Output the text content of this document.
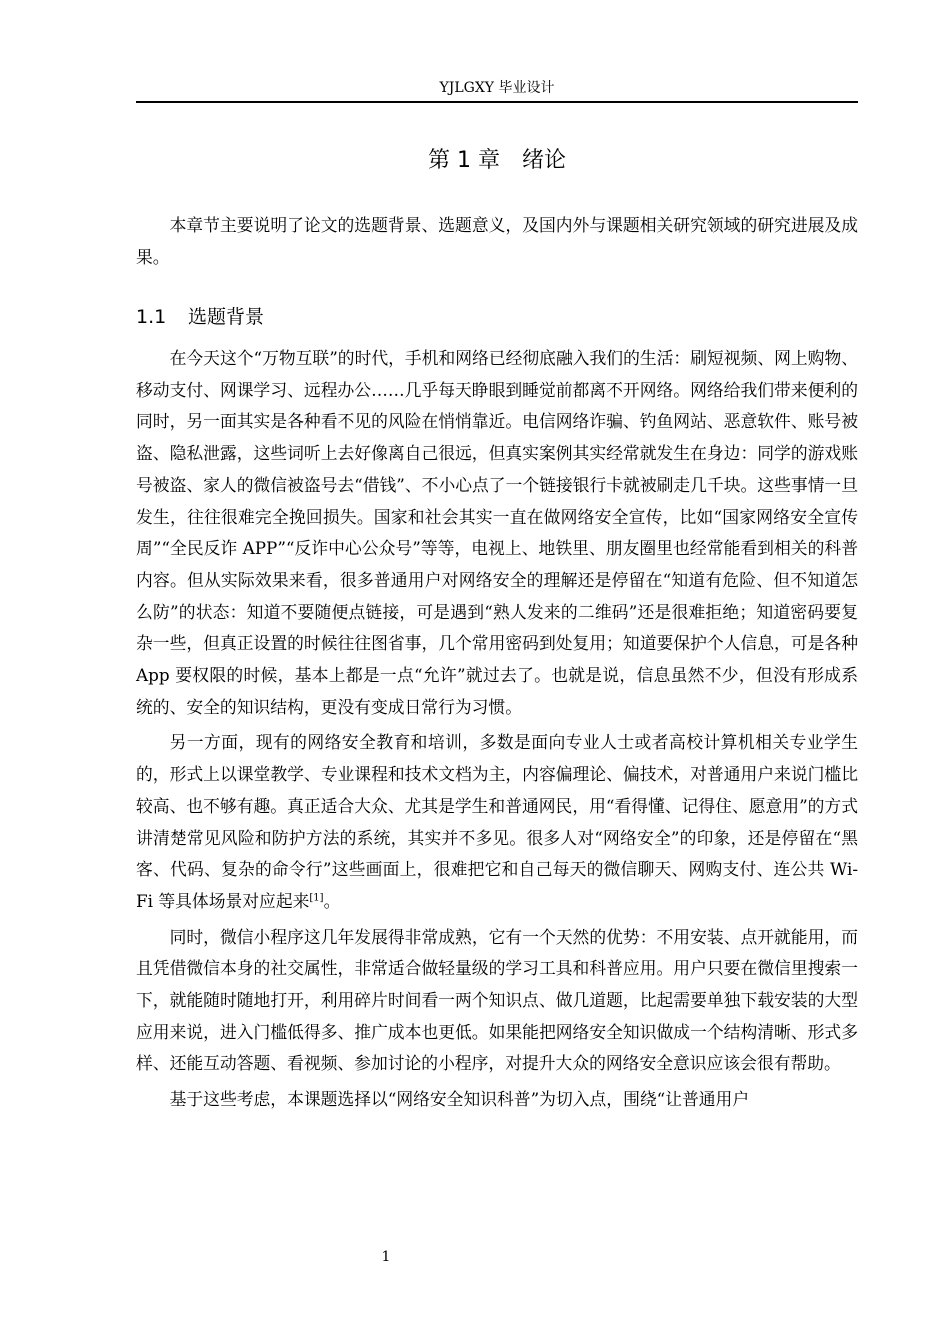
YJLGXY 毕业设计
第 1 章 绪论

本章节主要说明了论文的选题背景、选题意义，及国内外与课题相关研究领域的研究进展及成果。

1.1 选题背景

在今天这个“万物互联”的时代，手机和网络已经彻底融入我们的生活：刷短视频、网上购物、移动支付、网课学习、远程办公……几乎每天睁眼到睡觉前都离不开网络。网络给我们带来便利的同时，另一面其实是各种看不见的风险在悄悄靠近。电信网络诈骗、钓鱼网站、恶意软件、账号被盗、隐私泄露，这些词听上去好像离自己很远，但真实案例其实经常就发生在身边：同学的游戏账号被盗、家人的微信被盗号去“借钱”、不小心点了一个链接银行卡就被刷走几千块。这些事情一旦发生，往往很难完全挽回损失。国家和社会其实一直在做网络安全宣传，比如“国家网络安全宣传周”“全民反诈 APP”“反诈中心公众号”等等，电视上、地铁里、朋友圈里也经常能看到相关的科普内容。但从实际效果来看，很多普通用户对网络安全的理解还是停留在“知道有危险、但不知道怎么防”的状态：知道不要随便点链接，可是遇到“熟人发来的二维码”还是很难拒绝；知道密码要复杂一些，但真正设置的时候往往图省事，几个常用密码到处复用；知道要保护个人信息，可是各种 App 要权限的时候，基本上都是一点“允许”就过去了。也就是说，信息虽然不少，但没有形成系统的、安全的知识结构，更没有变成日常行为习惯。

另一方面，现有的网络安全教育和培训，多数是面向专业人士或者高校计算机相关专业学生的，形式上以课堂教学、专业课程和技术文档为主，内容偏理论、偏技术，对普通用户来说门槛比较高、也不够有趣。真正适合大众、尤其是学生和普通网民，用“看得懂、记得住、愿意用”的方式讲清楚常见风险和防护方法的系统，其实并不多见。很多人对“网络安全”的印象，还是停留在“黑客、代码、复杂的命令行”这些画面上，很难把它和自己每天的微信聊天、网购支付、连公共 Wi-Fi 等具体场景对应起来[1]。

同时，微信小程序这几年发展得非常成熟，它有一个天然的优势：不用安装、点开就能用，而且凭借微信本身的社交属性，非常适合做轻量级的学习工具和科普应用。用户只要在微信里搜索一下，就能随时随地打开，利用碎片时间看一两个知识点、做几道题，比起需要单独下载安装的大型应用来说，进入门槛低得多、推广成本也更低。如果能把网络安全知识做成一个结构清晰、形式多样、还能互动答题、看视频、参加讨论的小程序，对提升大众的网络安全意识应该会很有帮助。

基于这些考虑，本课题选择以“网络安全知识科普”为切入点，围绕“让普通用户

1
